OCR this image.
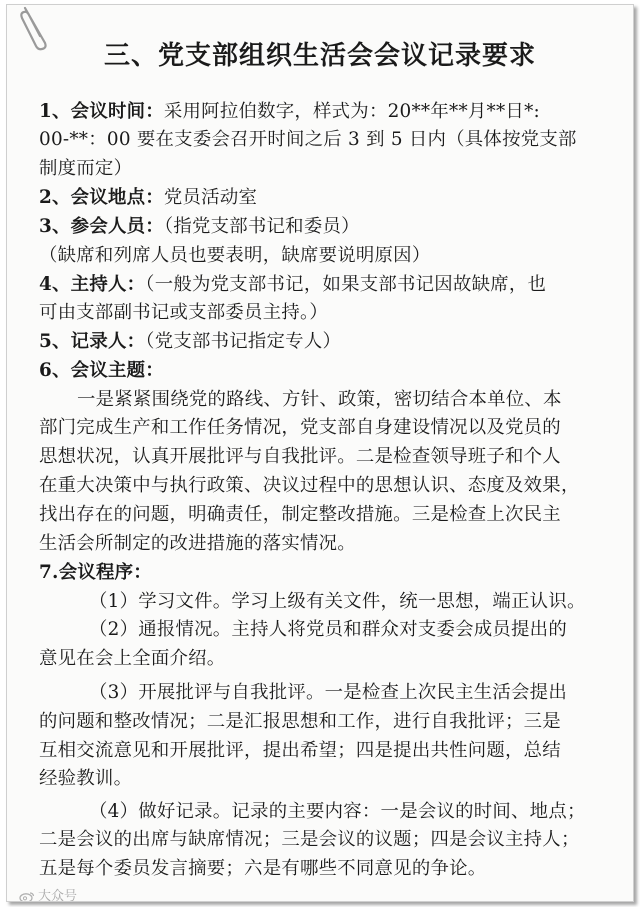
三、党支部组织生活会会议记录要求
1、会议时间：采用阿拉伯数字，样式为：20**年**月**日*:
00-**：00 要在支委会召开时间之后 3 到 5 日内（具体按党支部
制度而定）
2、会议地点：党员活动室
3、参会人员：（指党支部书记和委员）
（缺席和列席人员也要表明，缺席要说明原因）
4、主持人：（一般为党支部书记，如果支部书记因故缺席，也
可由支部副书记或支部委员主持。）
5、记录人：（党支部书记指定专人）
6、会议主题：
一是紧紧围绕党的路线、方针、政策，密切结合本单位、本
部门完成生产和工作任务情况，党支部自身建设情况以及党员的
思想状况，认真开展批评与自我批评。二是检查领导班子和个人
在重大决策中与执行政策、决议过程中的思想认识、态度及效果，
找出存在的问题，明确责任，制定整改措施。三是检查上次民主
生活会所制定的改进措施的落实情况。
7.会议程序：
（1）学习文件。学习上级有关文件，统一思想，端正认识。
（2）通报情况。主持人将党员和群众对支委会成员提出的
意见在会上全面介绍。
（3）开展批评与自我批评。一是检查上次民主生活会提出
的问题和整改情况；二是汇报思想和工作，进行自我批评；三是
互相交流意见和开展批评，提出希望；四是提出共性问题，总结
经验教训。
（4）做好记录。记录的主要内容：一是会议的时间、地点；
二是会议的出席与缺席情况；三是会议的议题；四是会议主持人；
五是每个委员发言摘要；六是有哪些不同意见的争论。
大众号
